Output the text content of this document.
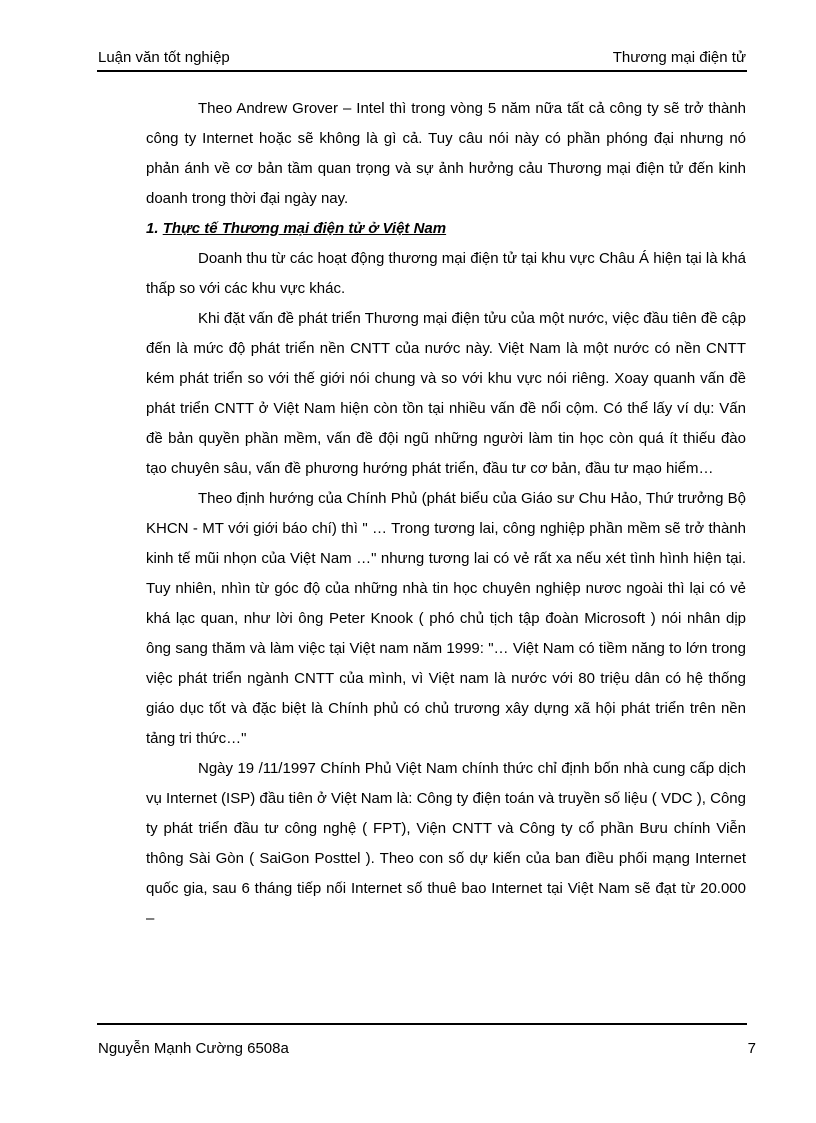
Luận văn tốt nghiệp	Thương mại điện tử

Theo Andrew Grover – Intel thì trong vòng 5 năm nữa tất cả công ty sẽ trở thành công ty Internet hoặc sẽ không là gì cả. Tuy câu nói này có phần phóng đại nhưng nó phản ánh về cơ bản tầm quan trọng và sự ảnh hưởng cảu Thương mại điện tử đến kinh doanh trong thời đại ngày nay.

1. Thực tế Thương mại điện tử ở Việt Nam

Doanh thu từ các hoạt động thương mại điện tử tại khu vực Châu Á hiện tại là khá thấp so với các khu vực khác.

Khi đặt vấn đề phát triển Thương mại điện tửu của một nước, việc đầu tiên đề cập đến là mức độ phát triển nền CNTT của nước này. Việt Nam là một nước có nền CNTT kém phát triển so với thế giới nói chung và so với khu vực nói riêng. Xoay quanh vấn đề phát triển CNTT ở Việt Nam hiện còn tồn tại nhiều vấn đề nổi cộm. Có thể lấy ví dụ: Vấn đề bản quyền phần mềm, vấn đề đội ngũ những người làm tin học còn quá ít thiếu đào tạo chuyên sâu, vấn đề phương hướng phát triển, đầu tư cơ bản, đầu tư mạo hiểm…

Theo định hướng của Chính Phủ (phát biểu của Giáo sư Chu Hảo, Thứ trưởng Bộ KHCN - MT với giới báo chí) thì " … Trong tương lai, công nghiệp phần mềm sẽ trở thành kinh tế mũi nhọn của Việt Nam …" nhưng tương lai có vẻ rất xa nếu xét tình hình hiện tại. Tuy nhiên, nhìn từ góc độ của những nhà tin học chuyên nghiệp nươc ngoài thì lại có vẻ khá lạc quan, như lời ông Peter Knook ( phó chủ tịch tập đoàn Microsoft ) nói nhân dịp ông sang thăm và làm việc tại Việt nam năm 1999: "… Việt Nam có tiềm năng to lớn trong việc phát triển ngành CNTT của mình, vì Việt nam là nước với 80 triệu dân có hệ thống giáo dục tốt và đặc biệt là Chính phủ có chủ trương xây dựng xã hội phát triển trên nền tảng tri thức…"

Ngày 19 /11/1997 Chính Phủ Việt Nam chính thức chỉ định bốn nhà cung cấp dịch vụ Internet (ISP) đầu tiên ở Việt Nam là: Công ty điện toán và truyền số liệu ( VDC ), Công ty phát triển đầu tư công nghệ ( FPT), Viện CNTT và Công ty cổ phần Bưu chính Viễn thông Sài Gòn ( SaiGon Posttel ). Theo con số dự kiến của ban điều phối mạng Internet quốc gia, sau 6 tháng tiếp nối Internet số thuê bao Internet tại Việt Nam sẽ đạt từ 20.000 –

Nguyễn Mạnh Cường 6508a	7
